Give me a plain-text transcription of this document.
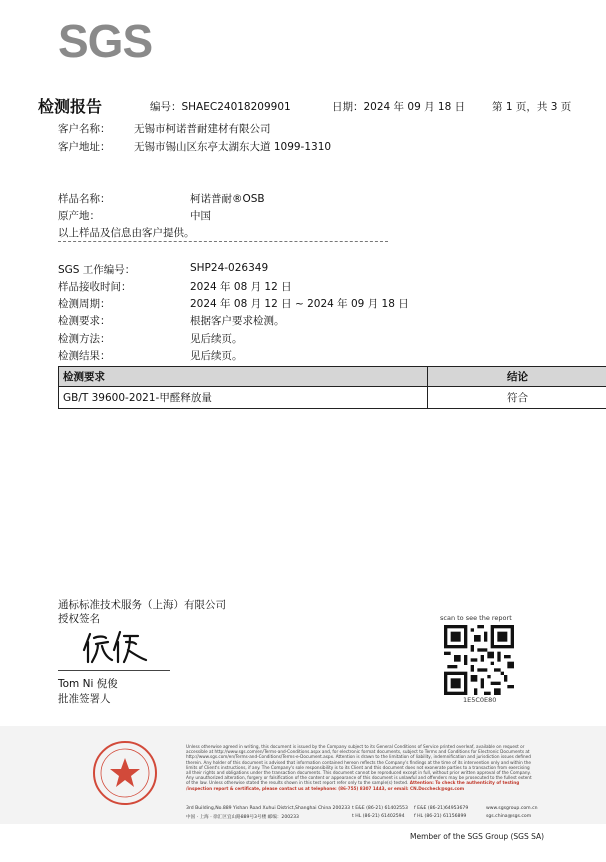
SGS
检测报告	编号：SHAEC24018209901	日期：2024 年 09 月 18 日	第 1 页，共 3 页
客户名称： 无锡市柯诺普耐建材有限公司
客户地址： 无锡市锡山区东亭太湖东大道 1099-1310
样品名称：	柯诺普耐®OSB
原产地：	中国
以上样品及信息由客户提供。
SGS 工作编号：	SHP24-026349
样品接收时间：	2024 年 08 月 12 日
检测周期：	2024 年 08 月 12 日 ~ 2024 年 09 月 18 日
检测要求：	根据客户要求检测。
检测方法：	见后续页。
检测结果：	见后续页。
检测要求	结论
GB/T 39600-2021-甲醛释放量	符合
通标标准技术服务（上海）有限公司
授权签名
Tom Ni 倪俊
批准签署人
scan to see the report
1E5C0E80
Unless otherwise agreed in writing, this document is issued by the Company subject to its General Conditions of Service printed overleaf, available on request or accessible at http://www.sgs.com/en/Terms-and-Conditions.aspx and, for electronic format documents, subject to Terms and Conditions for Electronic Documents at http://www.sgs.com/en/Terms-and-Conditions/Terms-e-Document.aspx. Attention is drawn to the limitation of liability, indemnification and jurisdiction issues defined therein. Any holder of this document is advised that information contained hereon reflects the Company's findings at the time of its intervention only and within the limits of Client's instructions, if any. The Company's sole responsibility is to its Client and this document does not exonerate parties to a transaction from exercising all their rights and obligations under the transaction documents. This document cannot be reproduced except in full, without prior written approval of the Company. Any unauthorized alteration, forgery or falsification of the content or appearance of this document is unlawful and offenders may be prosecuted to the fullest extent of the law. Unless otherwise stated the results shown in this test report refer only to the sample(s) tested. Attention: To check the authenticity of testing /inspection report & certificate, please contact us at telephone: (86-755) 8307 1443, or email: CN.Doccheck@sgs.com
3rd Building,No.889 Yishan Road Xuhui District,Shanghai China 200233 t E&E (86-21) 61402553 f E&E (86-21)64953679	www.sgsgroup.com.cn
中国 · 上海 · 徐汇区宜山路889号3号楼 邮编：200233	t HL (86-21) 61402594 f HL (86-21) 61156899	sgs.china@sgs.com
Member of the SGS Group (SGS SA)
